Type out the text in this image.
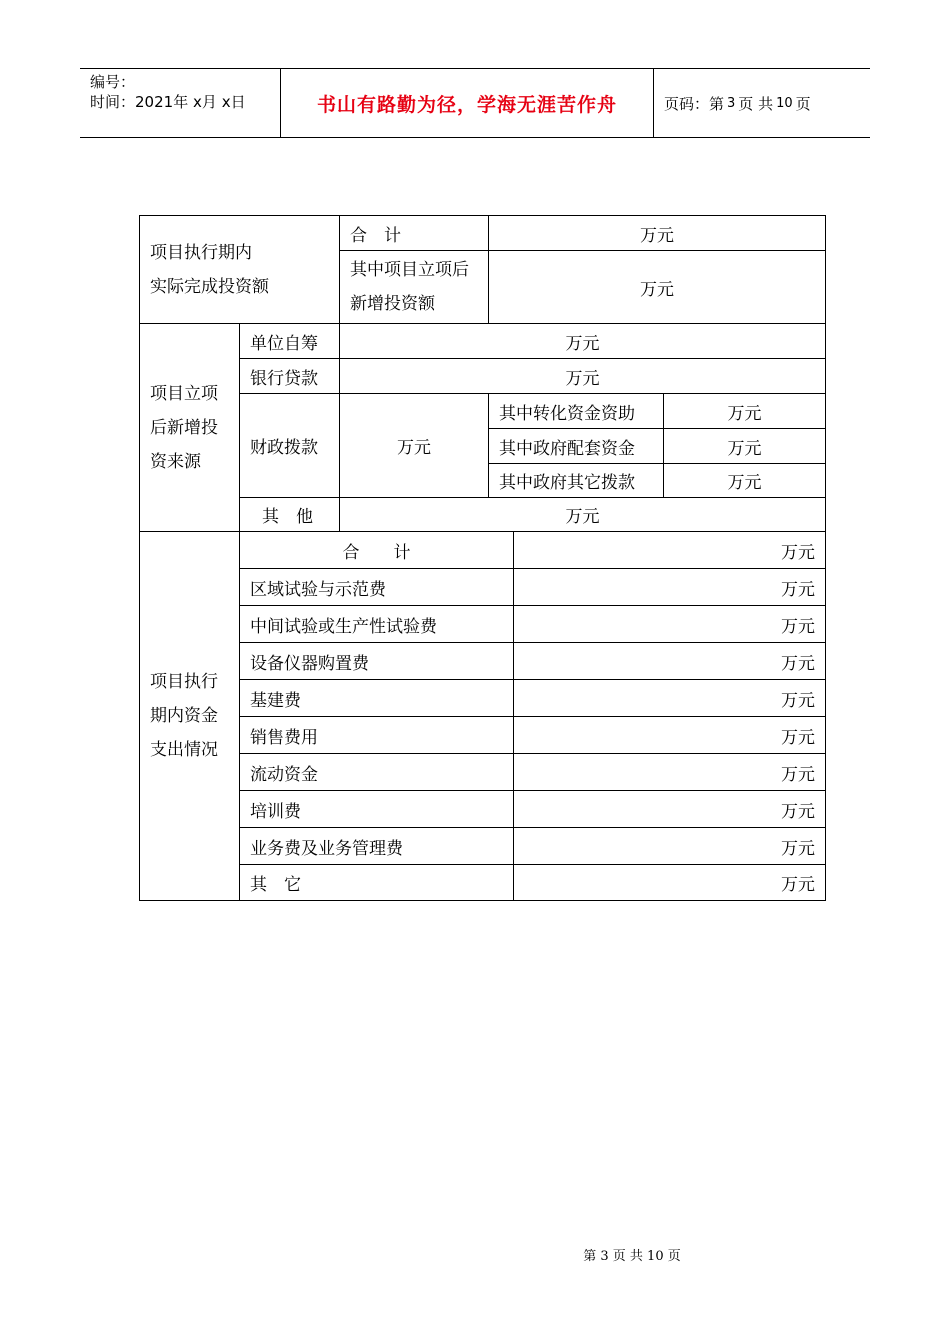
编号：
时间：2021年 x月 x日	书山有路勤为径，学海无涯苦作舟	页码：第 3 页 共 10 页
项目执行期内
实际完成投资额
合　计	万元
其中项目立项后
新增投资额
万元
项目立项
后新增投
资来源
单位自筹	万元
银行贷款	万元
财政拨款	万元
其中转化资金资助	万元
其中政府配套资金	万元
其中政府其它拨款	万元
其　他	万元
项目执行
期内资金
支出情况
合　　计	万元
区域试验与示范费	万元
中间试验或生产性试验费	万元
设备仪器购置费	万元
基建费	万元
销售费用	万元
流动资金	万元
培训费	万元
业务费及业务管理费	万元
其　它	万元
第 3 页 共 10 页
